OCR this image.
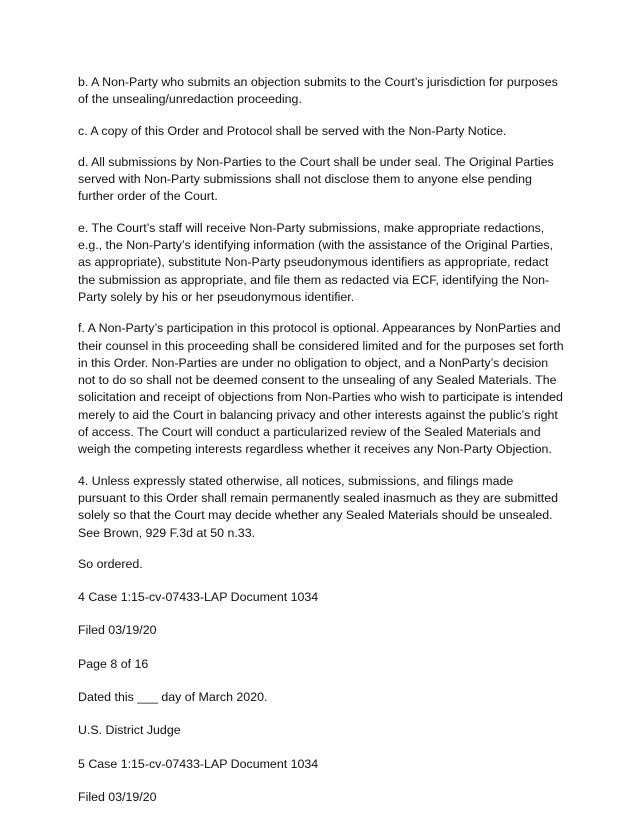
b. A Non-Party who submits an objection submits to the Court’s jurisdiction for purposes of the unsealing/unredaction proceeding.

c. A copy of this Order and Protocol shall be served with the Non-Party Notice.

d. All submissions by Non-Parties to the Court shall be under seal. The Original Parties served with Non-Party submissions shall not disclose them to anyone else pending further order of the Court.

e. The Court’s staff will receive Non-Party submissions, make appropriate redactions, e.g., the Non-Party’s identifying information (with the assistance of the Original Parties, as appropriate), substitute Non-Party pseudonymous identifiers as appropriate, redact the submission as appropriate, and file them as redacted via ECF, identifying the Non-Party solely by his or her pseudonymous identifier.

f. A Non-Party’s participation in this protocol is optional. Appearances by NonParties and their counsel in this proceeding shall be considered limited and for the purposes set forth in this Order. Non-Parties are under no obligation to object, and a NonParty’s decision not to do so shall not be deemed consent to the unsealing of any Sealed Materials. The solicitation and receipt of objections from Non-Parties who wish to participate is intended merely to aid the Court in balancing privacy and other interests against the public’s right of access. The Court will conduct a particularized review of the Sealed Materials and weigh the competing interests regardless whether it receives any Non-Party Objection.

4. Unless expressly stated otherwise, all notices, submissions, and filings made pursuant to this Order shall remain permanently sealed inasmuch as they are submitted solely so that the Court may decide whether any Sealed Materials should be unsealed. See Brown, 929 F.3d at 50 n.33.

So ordered.

4 Case 1:15-cv-07433-LAP Document 1034

Filed 03/19/20

Page 8 of 16

Dated this ___ day of March 2020.

U.S. District Judge

5 Case 1:15-cv-07433-LAP Document 1034

Filed 03/19/20
